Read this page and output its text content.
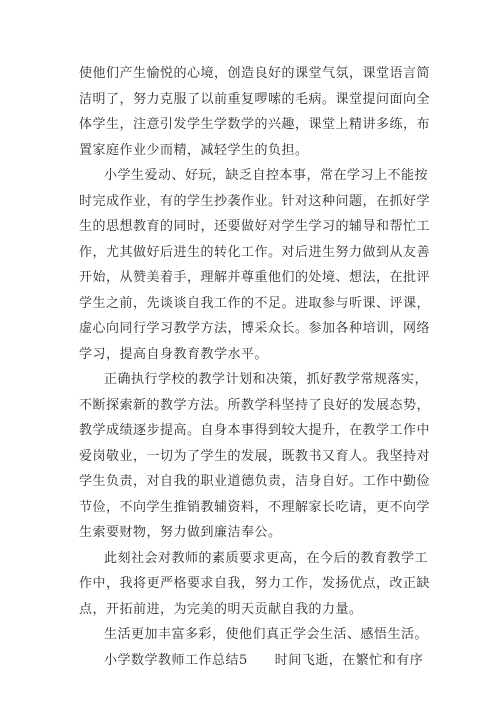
使他们产生愉悦的心境，创造良好的课堂气氛，课堂语言简
洁明了，努力克服了以前重复啰嗦的毛病。课堂提问面向全
体学生，注意引发学生学数学的兴趣，课堂上精讲多练，布
置家庭作业少而精，减轻学生的负担。
小学生爱动、好玩，缺乏自控本事，常在学习上不能按
时完成作业，有的学生抄袭作业。针对这种问题，在抓好学
生的思想教育的同时，还要做好对学生学习的辅导和帮忙工
作，尤其做好后进生的转化工作。对后进生努力做到从友善
开始，从赞美着手，理解并尊重他们的处境、想法，在批评
学生之前，先谈谈自我工作的不足。进取参与听课、评课，
虚心向同行学习教学方法，博采众长。参加各种培训，网络
学习，提高自身教育教学水平。
正确执行学校的教学计划和决策，抓好教学常规落实，
不断探索新的教学方法。所教学科坚持了良好的发展态势，
教学成绩逐步提高。自身本事得到较大提升，在教学工作中
爱岗敬业，一切为了学生的发展，既教书又育人。我坚持对
学生负责，对自我的职业道德负责，洁身自好。工作中勤俭
节俭，不向学生推销教辅资料，不理解家长吃请，更不向学
生索要财物，努力做到廉洁奉公。
此刻社会对教师的素质要求更高，在今后的教育教学工
作中，我将更严格要求自我，努力工作，发扬优点，改正缺
点，开拓前进，为完美的明天贡献自我的力量。
生活更加丰富多彩，使他们真正学会生活、感悟生活。
小学数学教师工作总结5　　时间飞逝，在繁忙和有序
